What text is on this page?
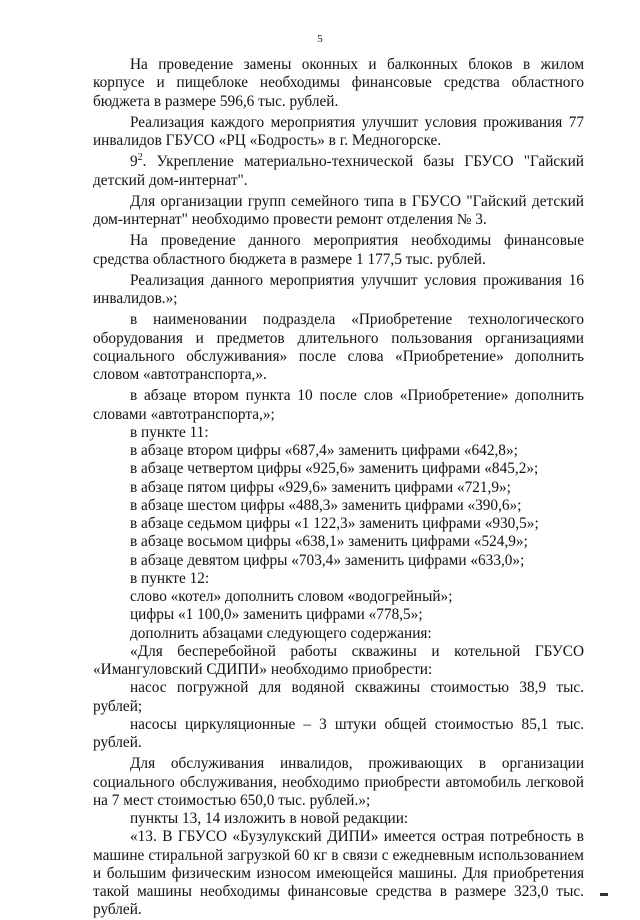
5

На проведение замены оконных и балконных блоков в жилом корпусе и пищеблоке необходимы финансовые средства областного бюджета в размере 596,6 тыс. рублей.

Реализация каждого мероприятия улучшит условия проживания 77 инвалидов ГБУСО «РЦ «Бодрость» в г. Медногорске.

$9^2$. Укрепление материально-технической базы ГБУСО "Гайский детский дом-интернат".

Для организации групп семейного типа в ГБУСО "Гайский детский дом-интернат" необходимо провести ремонт отделения № 3.

На проведение данного мероприятия необходимы финансовые средства областного бюджета в размере 1 177,5 тыс. рублей.

Реализация данного мероприятия улучшит условия проживания 16 инвалидов.»;

в наименовании подраздела «Приобретение технологического оборудования и предметов длительного пользования организациями социального обслуживания» после слова «Приобретение» дополнить словом «автотранспорта,».

в абзаце втором пункта 10 после слов «Приобретение» дополнить словами «автотранспорта,»;

в пункте 11:

в абзаце втором цифры «687,4» заменить цифрами «642,8»;

в абзаце четвертом цифры «925,6» заменить цифрами «845,2»;

в абзаце пятом цифры «929,6» заменить цифрами «721,9»;

в абзаце шестом цифры «488,3» заменить цифрами «390,6»;

в абзаце седьмом цифры «1 122,3» заменить цифрами «930,5»;

в абзаце восьмом цифры «638,1» заменить цифрами «524,9»;

в абзаце девятом цифры «703,4» заменить цифрами «633,0»;

в пункте 12:

слово «котел» дополнить словом «водогрейный»;

цифры «1 100,0» заменить цифрами «778,5»;

дополнить абзацами следующего содержания:

«Для бесперебойной работы скважины и котельной ГБУСО «Имангуловский СДИПИ» необходимо приобрести:

насос погружной для водяной скважины стоимостью 38,9 тыс. рублей;

насосы циркуляционные – 3 штуки общей стоимостью 85,1 тыс. рублей.

Для обслуживания инвалидов, проживающих в организации социального обслуживания, необходимо приобрести автомобиль легковой на 7 мест стоимостью 650,0 тыс. рублей.»;

пункты 13, 14 изложить в новой редакции:

«13. В ГБУСО «Бузулукский ДИПИ» имеется острая потребность в машине стиральной загрузкой 60 кг в связи с ежедневным использованием и большим физическим износом имеющейся машины. Для приобретения такой машины необходимы финансовые средства в размере 323,0 тыс. рублей.
